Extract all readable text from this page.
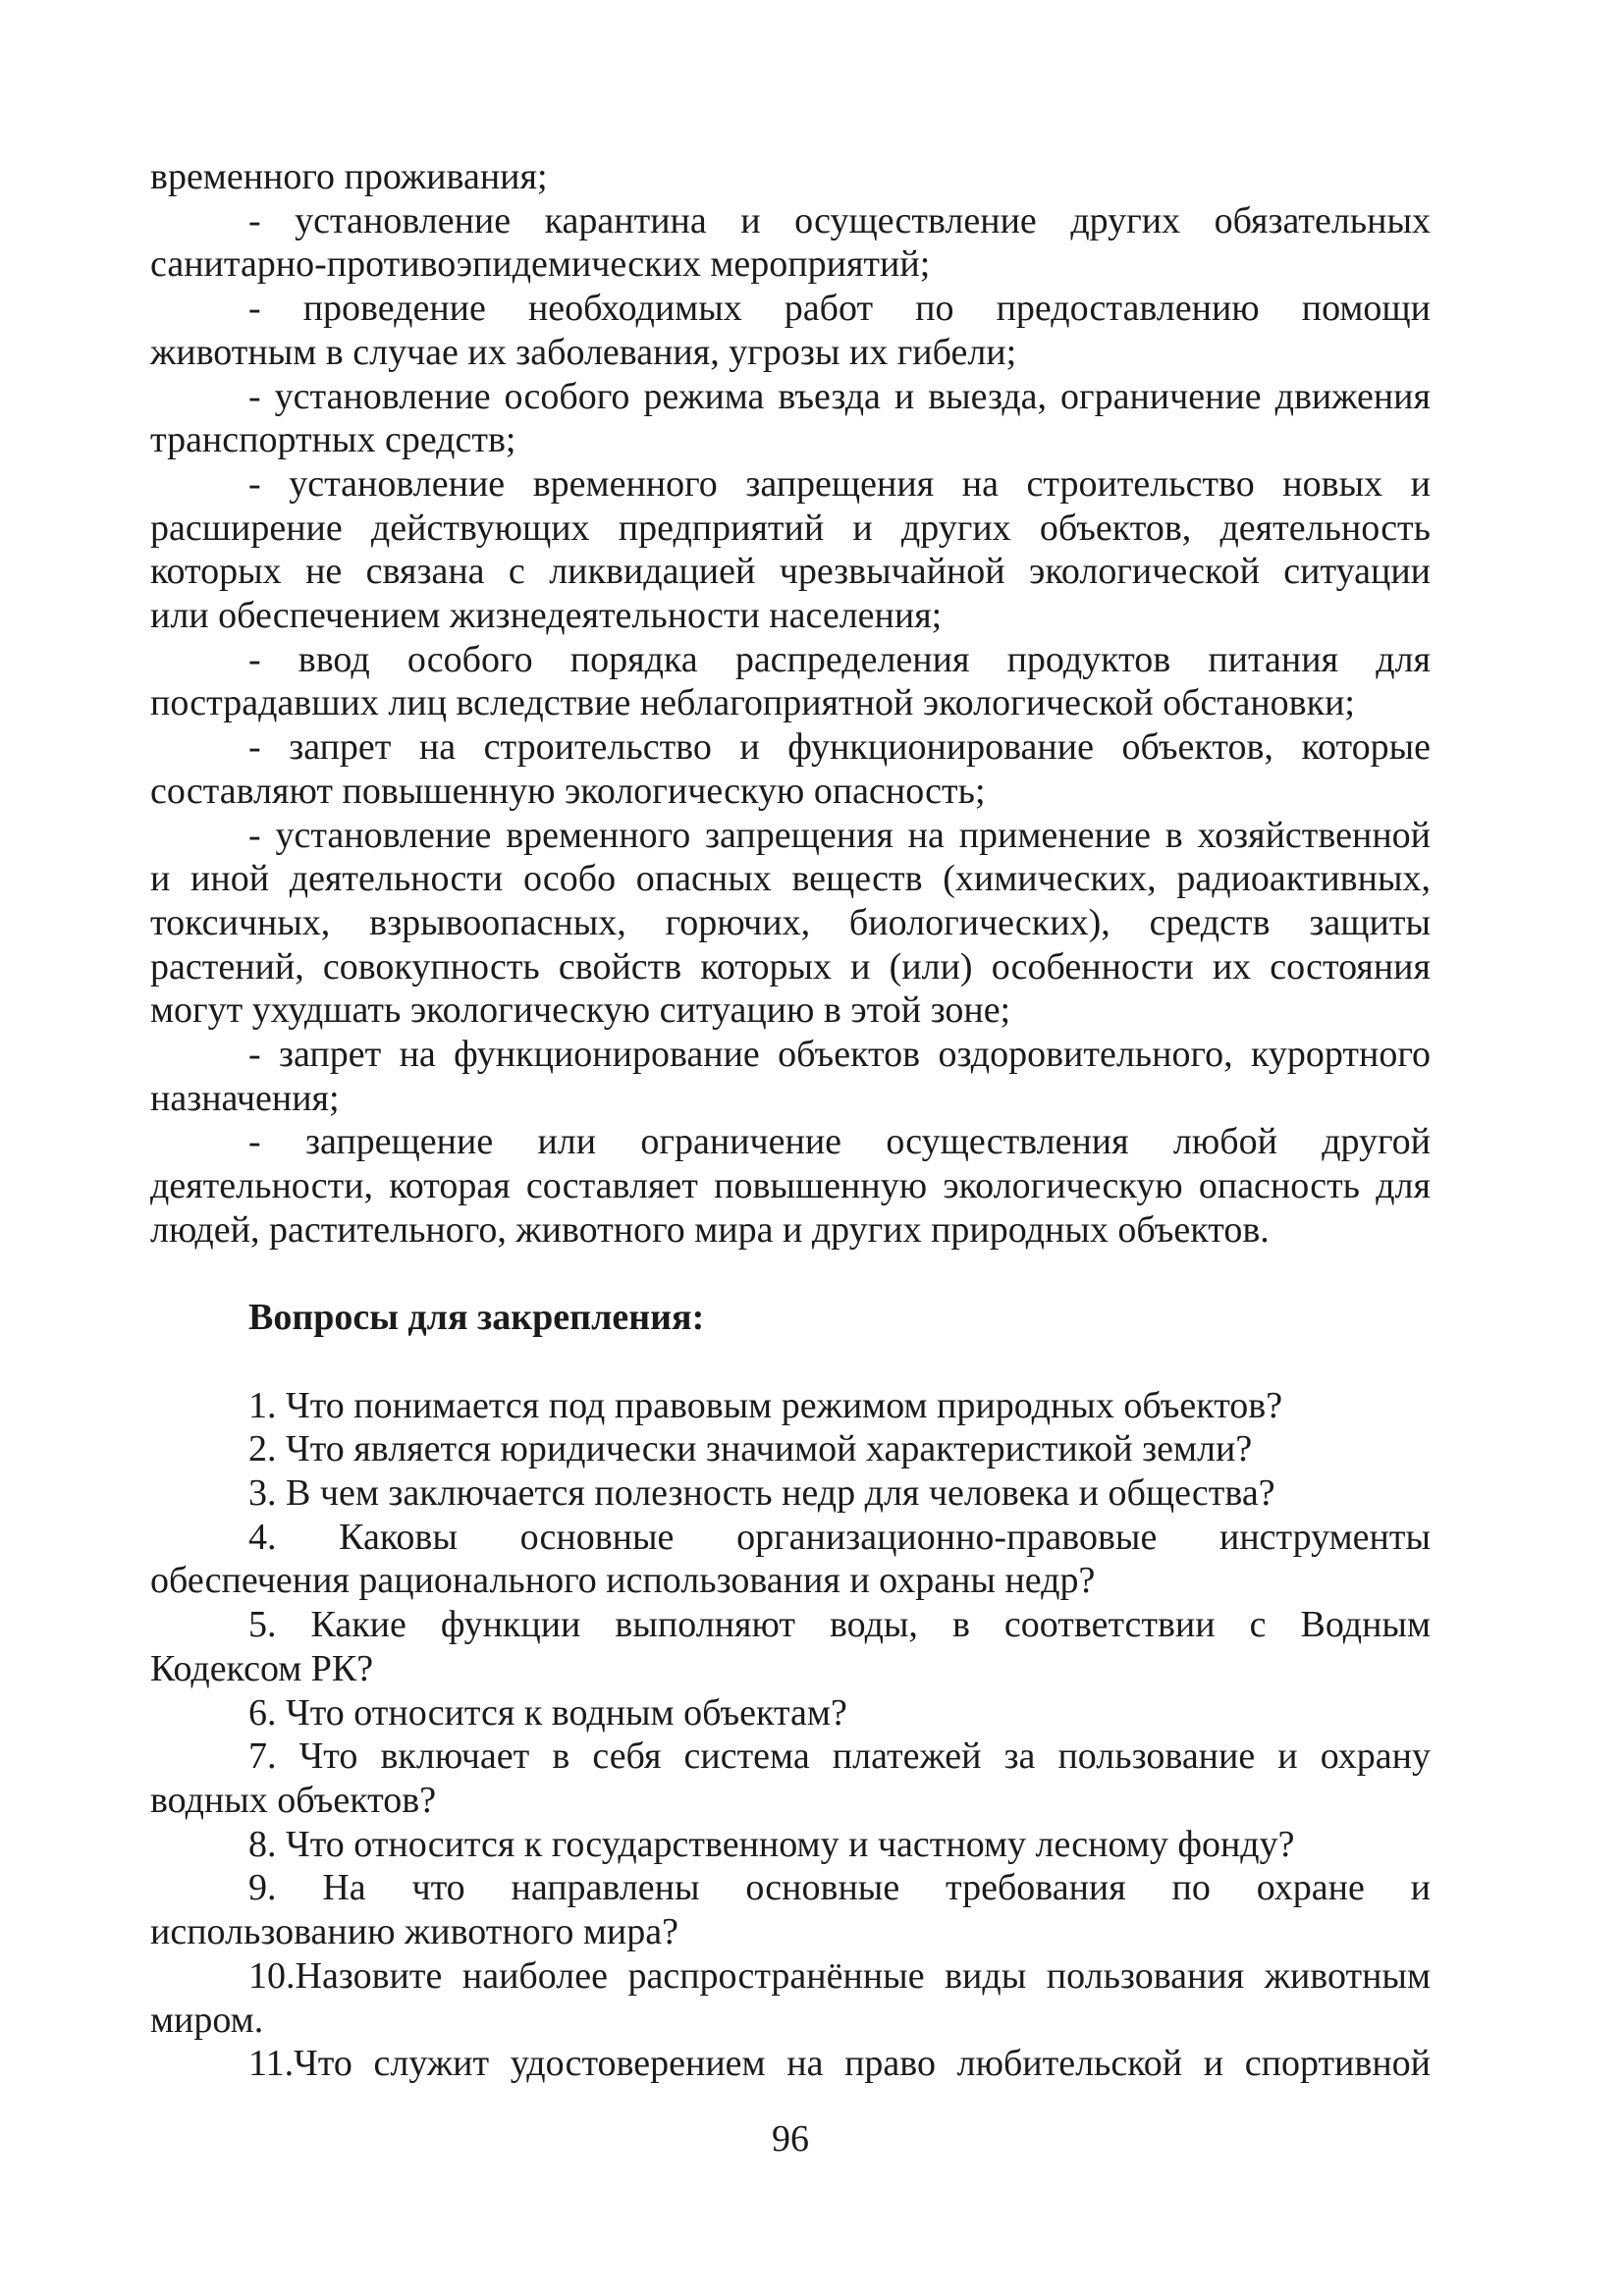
временного проживания;
- установление карантина и осуществление других обязательных
санитарно-противоэпидемических мероприятий;
- проведение необходимых работ по предоставлению помощи
животным в случае их заболевания, угрозы их гибели;
- установление особого режима въезда и выезда, ограничение движения
транспортных средств;
- установление временного запрещения на строительство новых и
расширение действующих предприятий и других объектов, деятельность
которых не связана с ликвидацией чрезвычайной экологической ситуации
или обеспечением жизнедеятельности населения;
- ввод особого порядка распределения продуктов питания для
пострадавших лиц вследствие неблагоприятной экологической обстановки;
- запрет на строительство и функционирование объектов, которые
составляют повышенную экологическую опасность;
- установление временного запрещения на применение в хозяйственной
и иной деятельности особо опасных веществ (химических, радиоактивных,
токсичных, взрывоопасных, горючих, биологических), средств защиты
растений, совокупность свойств которых и (или) особенности их состояния
могут ухудшать экологическую ситуацию в этой зоне;
- запрет на функционирование объектов оздоровительного, курортного
назначения;
- запрещение или ограничение осуществления любой другой
деятельности, которая составляет повышенную экологическую опасность для
людей, растительного, животного мира и других природных объектов.
Вопросы для закрепления:
1. Что понимается под правовым режимом природных объектов?
2. Что является юридически значимой характеристикой земли?
3. В чем заключается полезность недр для человека и общества?
4. Каковы основные организационно-правовые инструменты
обеспечения рационального использования и охраны недр?
5. Какие функции выполняют воды, в соответствии с Водным
Кодексом РК?
6. Что относится к водным объектам?
7. Что включает в себя система платежей за пользование и охрану
водных объектов?
8. Что относится к государственному и частному лесному фонду?
9. На что направлены основные требования по охране и
использованию животного мира?
10.Назовите наиболее распространённые виды пользования животным
миром.
11.Что служит удостоверением на право любительской и спортивной
96
